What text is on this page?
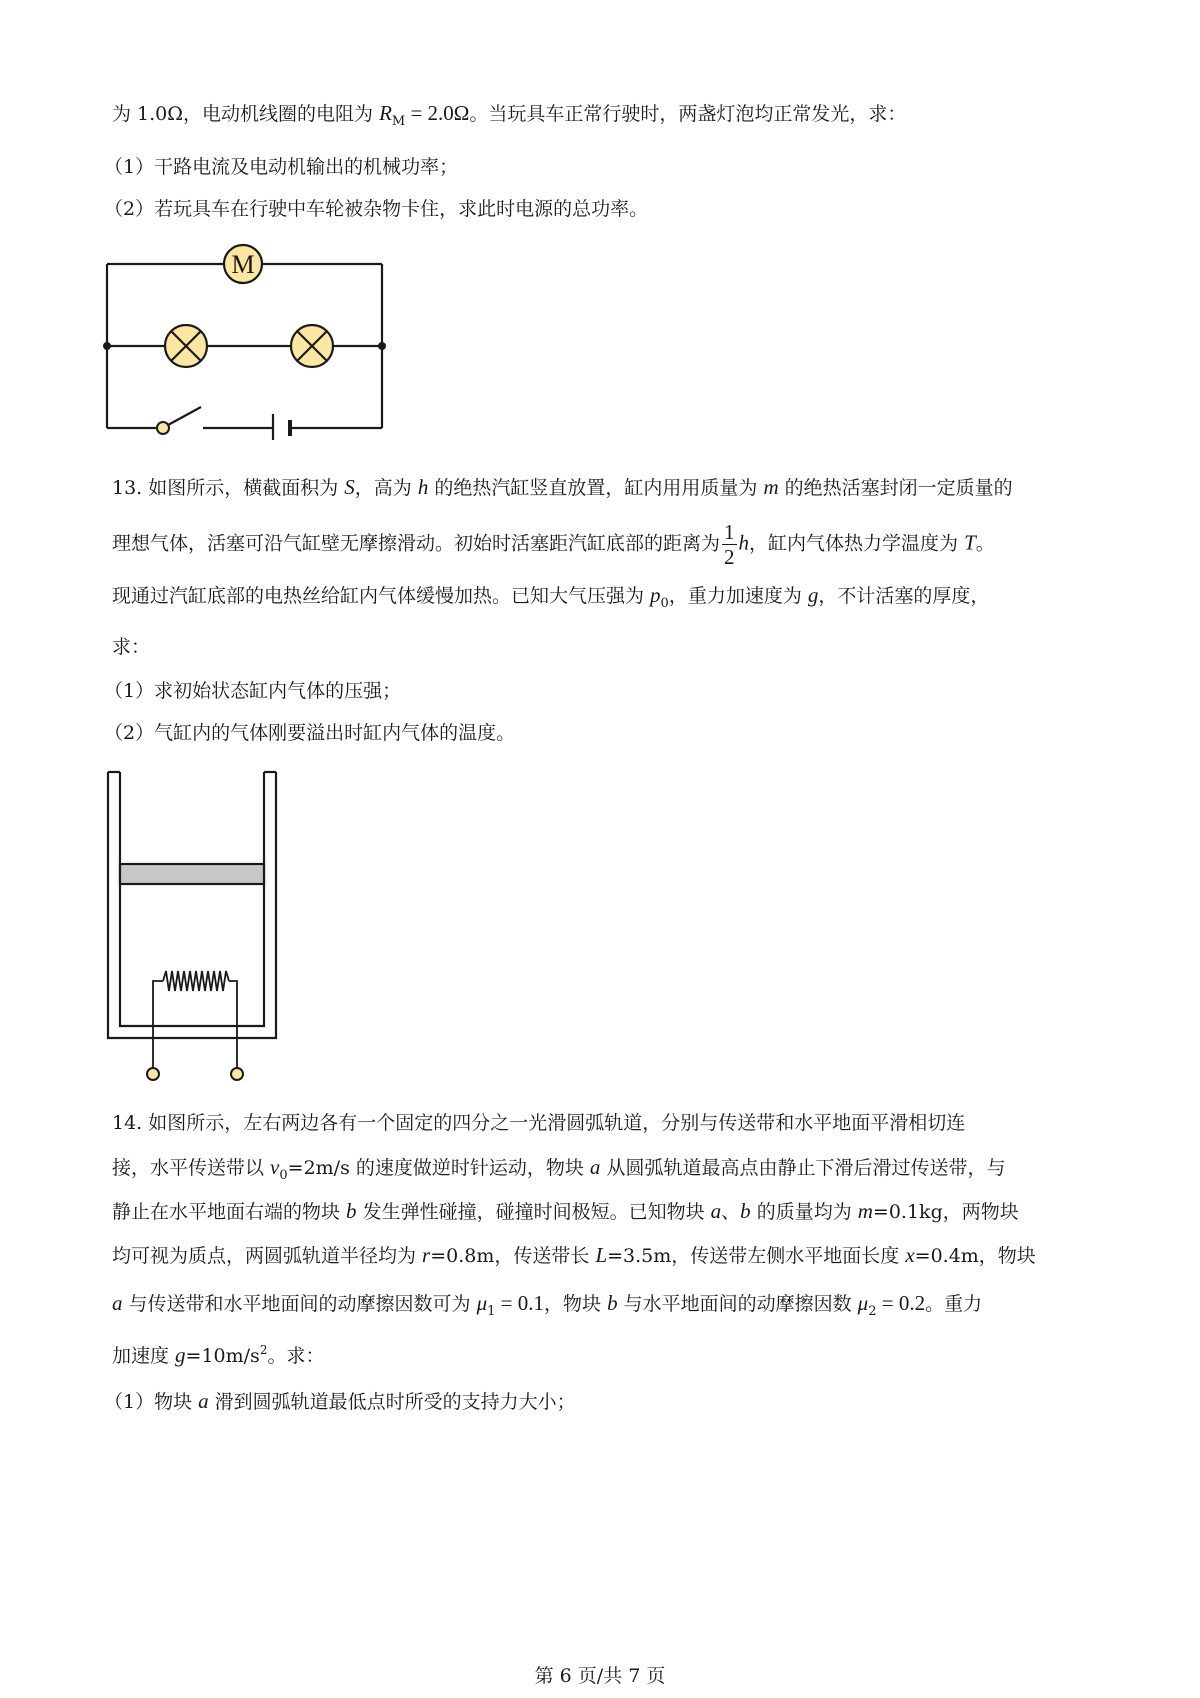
为 1.0Ω，电动机线圈的电阻为 $R_M = 2.0\Omega$。当玩具车正常行驶时，两盏灯泡均正常发光，求：
（1）干路电流及电动机输出的机械功率；
（2）若玩具车在行驶中车轮被杂物卡住，求此时电源的总功率。
M
13. 如图所示，横截面积为 S，高为 h 的绝热汽缸竖直放置，缸内用用质量为 m 的绝热活塞封闭一定质量的
理想气体，活塞可沿气缸壁无摩擦滑动。初始时活塞距汽缸底部的距离为 $\frac{1}{2}$ h，缸内气体热力学温度为 T。
现通过汽缸底部的电热丝给缸内气体缓慢加热。已知大气压强为 $p_0$，重力加速度为 g，不计活塞的厚度，
求：
（1）求初始状态缸内气体的压强；
（2）气缸内的气体刚要溢出时缸内气体的温度。
14. 如图所示，左右两边各有一个固定的四分之一光滑圆弧轨道，分别与传送带和水平地面平滑相切连
接，水平传送带以 $v_0=2m/s$ 的速度做逆时针运动，物块 a 从圆弧轨道最高点由静止下滑后滑过传送带，与
静止在水平地面右端的物块 b 发生弹性碰撞，碰撞时间极短。已知物块 a、b 的质量均为 m=0.1kg，两物块
均可视为质点，两圆弧轨道半径均为 r=0.8m，传送带长 L=3.5m，传送带左侧水平地面长度 x=0.4m，物块
a 与传送带和水平地面间的动摩擦因数可为 $\mu_1 = 0.1$，物块 b 与水平地面间的动摩擦因数 $\mu_2 = 0.2$。重力
加速度 $g=10m/s^2$。求：
（1）物块 a 滑到圆弧轨道最低点时所受的支持力大小；
第 6 页/共 7 页
